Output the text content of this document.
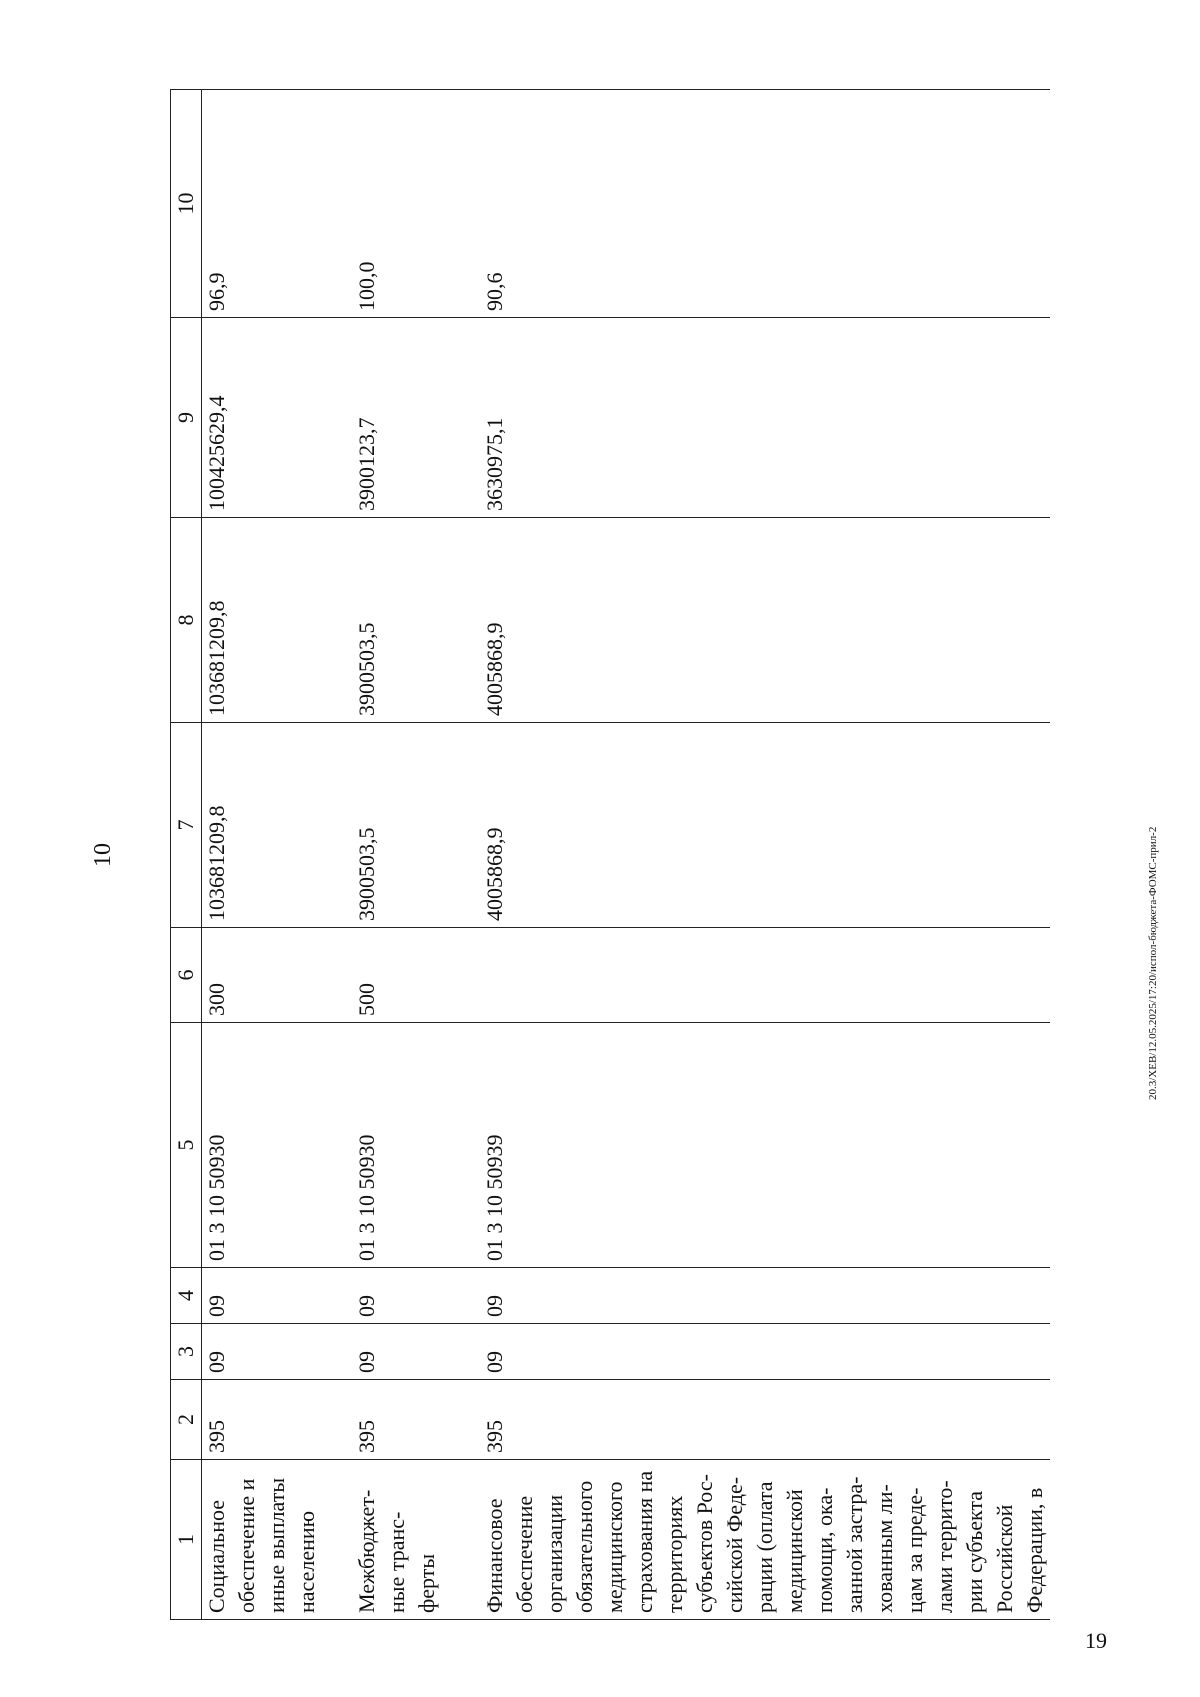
10
1	2	3	4	5	6	7	8	9	10
Социальное обеспечение и иные выплаты населению	395	09	09	01 3 10 50930	300	103681209,8	103681209,8	100425629,4	96,9
Межбюджет-ные транс-ферты	395	09	09	01 3 10 50930	500	3900503,5	3900503,5	3900123,7	100,0
Финансовое обеспечение организации обязательного медицинского страхования на территориях субъектов Рос-сийской Феде-рации (оплата медицинской помощи, ока-занной застра-хованным ли-цам за преде-лами террито-рии субъекта Российской Федерации, в	395	09	09	01 3 10 50939		4005868,9	4005868,9	3630975,1	90,6
20.3/XEB/12.05.2025/17:20/испол-бюджета-ФОМС-прил-2
19
